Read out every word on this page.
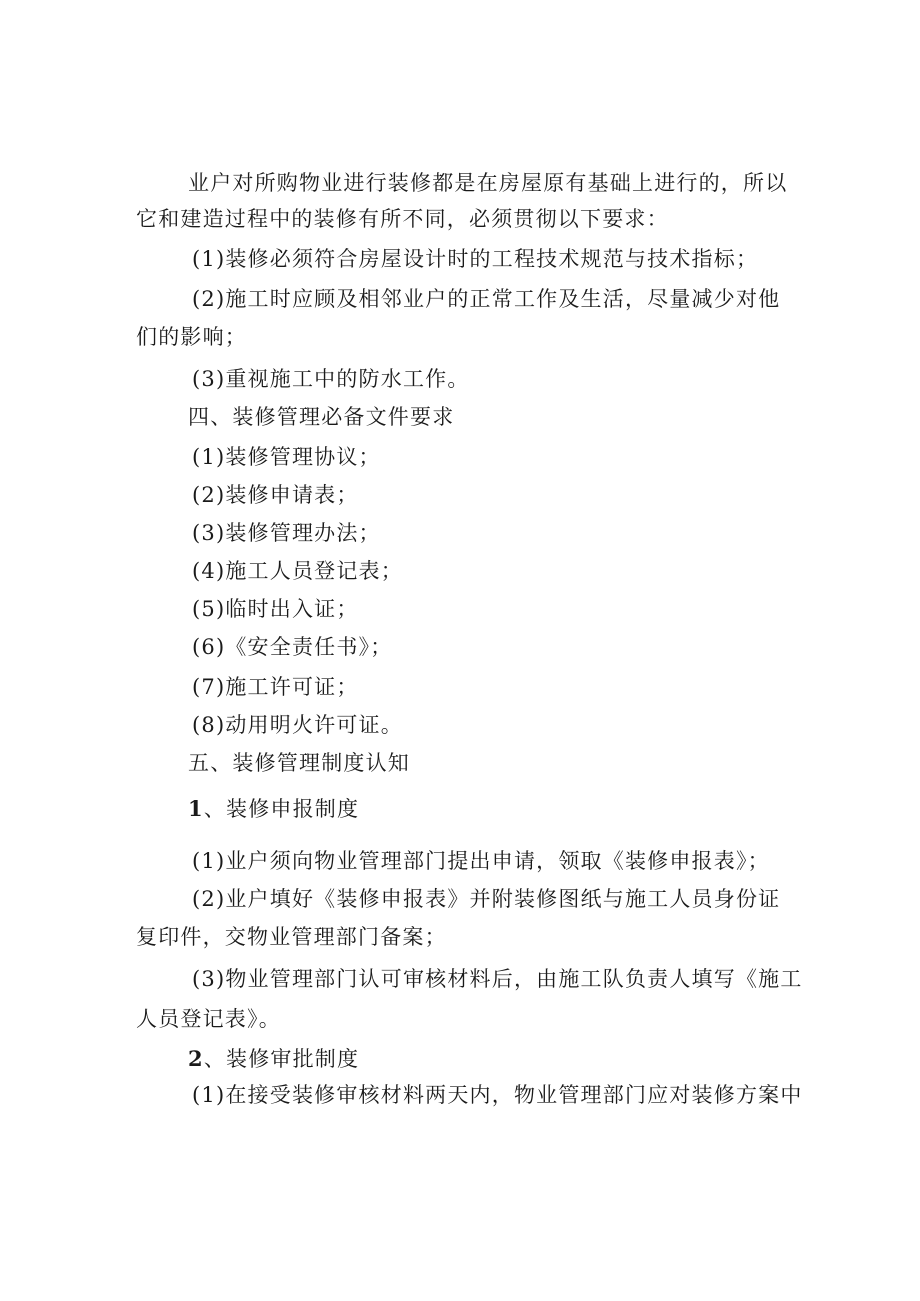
业户对所购物业进行装修都是在房屋原有基础上进行的，所以
它和建造过程中的装修有所不同，必须贯彻以下要求：
(1)装修必须符合房屋设计时的工程技术规范与技术指标；
(2)施工时应顾及相邻业户的正常工作及生活，尽量减少对他
们的影响；
(3)重视施工中的防水工作。
四、装修管理必备文件要求
(1)装修管理协议；
(2)装修申请表；
(3)装修管理办法；
(4)施工人员登记表；
(5)临时出入证；
(6)《安全责任书》；
(7)施工许可证；
(8)动用明火许可证。
五、装修管理制度认知
1、装修申报制度
(1)业户须向物业管理部门提出申请，领取《装修申报表》；
(2)业户填好《装修申报表》并附装修图纸与施工人员身份证
复印件，交物业管理部门备案；
(3)物业管理部门认可审核材料后，由施工队负责人填写《施工
人员登记表》。
2、装修审批制度
(1)在接受装修审核材料两天内，物业管理部门应对装修方案中
